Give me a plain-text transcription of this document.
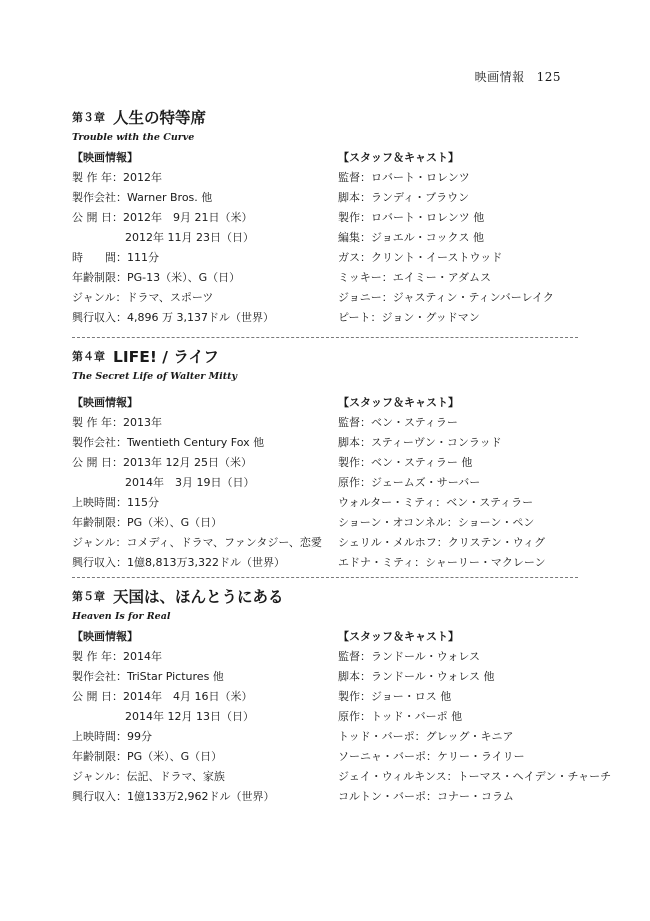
映画情報 125
第３章 人生の特等席
Trouble with the Curve
【映画情報】
製 作 年：2012年
製作会社：Warner Bros. 他
公 開 日：2012年　9月 21日（米）
2012年 11月 23日（日）
時　　間：111分
年齢制限：PG-13（米）、G（日）
ジャンル：ドラマ、スポーツ
興行収入：4,896 万 3,137ドル（世界）
【スタッフ＆キャスト】
監督：ロバート・ロレンツ
脚本：ランディ・ブラウン
製作：ロバート・ロレンツ 他
編集：ジョエル・コックス 他
ガス：クリント・イーストウッド
ミッキー：エイミー・アダムス
ジョニー：ジャスティン・ティンバーレイク
ピート：ジョン・グッドマン
第４章 LIFE! / ライフ
The Secret Life of Walter Mitty
【映画情報】
製 作 年：2013年
製作会社：Twentieth Century Fox 他
公 開 日：2013年 12月 25日（米）
2014年　3月 19日（日）
上映時間：115分
年齢制限：PG（米）、G（日）
ジャンル：コメディ、ドラマ、ファンタジー、恋愛
興行収入：1億8,813万3,322ドル（世界）
【スタッフ＆キャスト】
監督：ベン・スティラー
脚本：スティーヴン・コンラッド
製作：ベン・スティラー 他
原作：ジェームズ・サーバー
ウォルター・ミティ：ベン・スティラー
ショーン・オコンネル：ショーン・ペン
シェリル・メルホフ：クリステン・ウィグ
エドナ・ミティ：シャーリー・マクレーン
第５章 天国は、ほんとうにある
Heaven Is for Real
【映画情報】
製 作 年：2014年
製作会社：TriStar Pictures 他
公 開 日：2014年　4月 16日（米）
2014年 12月 13日（日）
上映時間：99分
年齢制限：PG（米）、G（日）
ジャンル：伝記、ドラマ、家族
興行収入：1億133万2,962ドル（世界）
【スタッフ＆キャスト】
監督：ランドール・ウォレス
脚本：ランドール・ウォレス 他
製作：ジョー・ロス 他
原作：トッド・バーポ 他
トッド・バーポ：グレッグ・キニア
ソーニャ・バーポ：ケリー・ライリー
ジェイ・ウィルキンス：トーマス・ヘイデン・チャーチ
コルトン・バーポ：コナー・コラム
